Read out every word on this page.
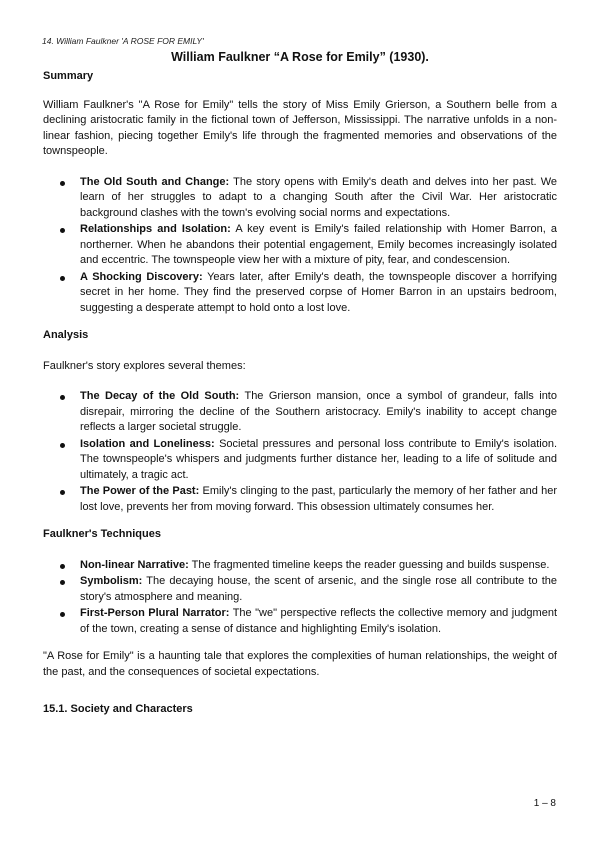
14. William Faulkner 'A ROSE FOR EMILY'
William Faulkner “A Rose for Emily” (1930).
Summary

William Faulkner's "A Rose for Emily" tells the story of Miss Emily Grierson, a Southern belle from a declining aristocratic family in the fictional town of Jefferson, Mississippi. The narrative unfolds in a non-linear fashion, piecing together Emily's life through the fragmented memories and observations of the townspeople.

The Old South and Change: The story opens with Emily's death and delves into her past. We learn of her struggles to adapt to a changing South after the Civil War. Her aristocratic background clashes with the town's evolving social norms and expectations.
Relationships and Isolation: A key event is Emily's failed relationship with Homer Barron, a northerner. When he abandons their potential engagement, Emily becomes increasingly isolated and eccentric. The townspeople view her with a mixture of pity, fear, and condescension.
A Shocking Discovery: Years later, after Emily's death, the townspeople discover a horrifying secret in her home. They find the preserved corpse of Homer Barron in an upstairs bedroom, suggesting a desperate attempt to hold onto a lost love.
Analysis

Faulkner's story explores several themes:

The Decay of the Old South: The Grierson mansion, once a symbol of grandeur, falls into disrepair, mirroring the decline of the Southern aristocracy. Emily's inability to accept change reflects a larger societal struggle.
Isolation and Loneliness: Societal pressures and personal loss contribute to Emily's isolation. The townspeople's whispers and judgments further distance her, leading to a life of solitude and ultimately, a tragic act.
The Power of the Past: Emily's clinging to the past, particularly the memory of her father and her lost love, prevents her from moving forward. This obsession ultimately consumes her.
Faulkner's Techniques
Non-linear Narrative: The fragmented timeline keeps the reader guessing and builds suspense.
Symbolism: The decaying house, the scent of arsenic, and the single rose all contribute to the story's atmosphere and meaning.
First-Person Plural Narrator: The "we" perspective reflects the collective memory and judgment of the town, creating a sense of distance and highlighting Emily's isolation.

"A Rose for Emily" is a haunting tale that explores the complexities of human relationships, the weight of the past, and the consequences of societal expectations.

15.1. Society and Characters
1 – 8
